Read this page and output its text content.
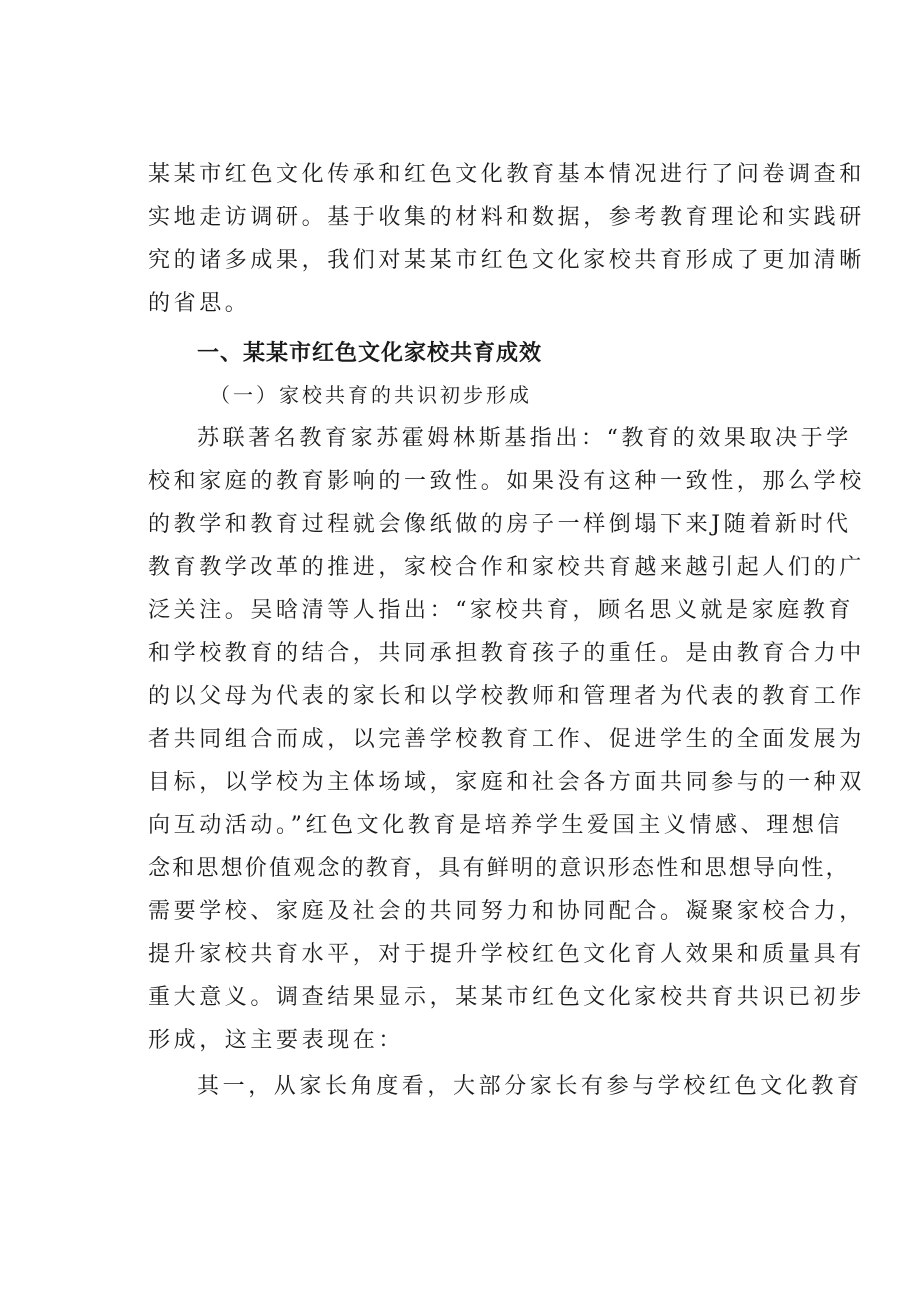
某某市红色文化传承和红色文化教育基本情况进行了问卷调查和
实地走访调研。基于收集的材料和数据，参考教育理论和实践研
究的诸多成果，我们对某某市红色文化家校共育形成了更加清晰
的省思。
一、某某市红色文化家校共育成效
（一）家校共育的共识初步形成
苏联著名教育家苏霍姆林斯基指出：“教育的效果取决于学
校和家庭的教育影响的一致性。如果没有这种一致性，那么学校
的教学和教育过程就会像纸做的房子一样倒塌下来J随着新时代
教育教学改革的推进，家校合作和家校共育越来越引起人们的广
泛关注。吴晗清等人指出：“家校共育，顾名思义就是家庭教育
和学校教育的结合，共同承担教育孩子的重任。是由教育合力中
的以父母为代表的家长和以学校教师和管理者为代表的教育工作
者共同组合而成，以完善学校教育工作、促进学生的全面发展为
目标，以学校为主体场域，家庭和社会各方面共同参与的一种双
向互动活动。”红色文化教育是培养学生爱国主义情感、理想信
念和思想价值观念的教育，具有鲜明的意识形态性和思想导向性，
需要学校、家庭及社会的共同努力和协同配合。凝聚家校合力，
提升家校共育水平，对于提升学校红色文化育人效果和质量具有
重大意义。调查结果显示，某某市红色文化家校共育共识已初步
形成，这主要表现在：
其一，从家长角度看，大部分家长有参与学校红色文化教育
